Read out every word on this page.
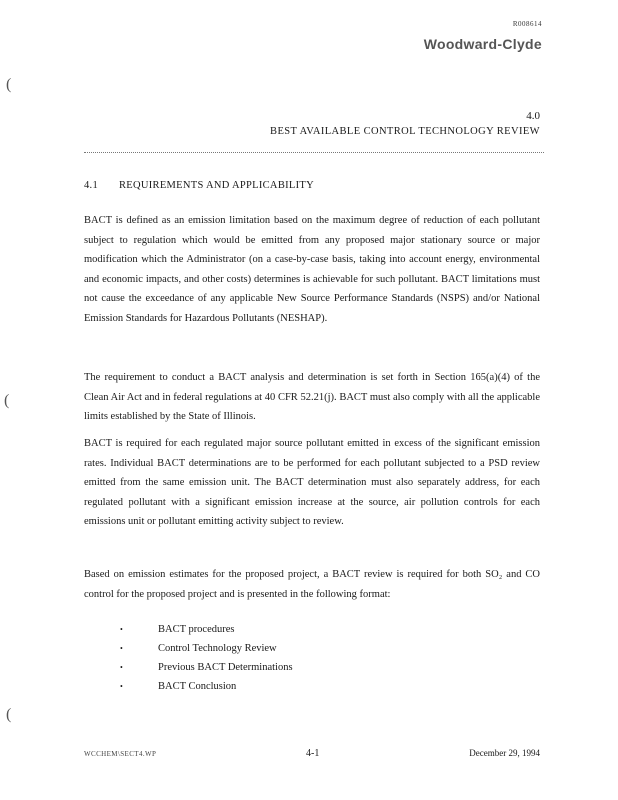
R008614
Woodward-Clyde
(
(
(
4.0
BEST AVAILABLE CONTROL TECHNOLOGY REVIEW
4.1 REQUIREMENTS AND APPLICABILITY

BACT is defined as an emission limitation based on the maximum degree of reduction of each pollutant subject to regulation which would be emitted from any proposed major stationary source or major modification which the Administrator (on a case-by-case basis, taking into account energy, environmental and economic impacts, and other costs) determines is achievable for such pollutant. BACT limitations must not cause the exceedance of any applicable New Source Performance Standards (NSPS) and/or National Emission Standards for Hazardous Pollutants (NESHAP).

The requirement to conduct a BACT analysis and determination is set forth in Section 165(a)(4) of the Clean Air Act and in federal regulations at 40 CFR 52.21(j). BACT must also comply with all the applicable limits established by the State of Illinois.

BACT is required for each regulated major source pollutant emitted in excess of the significant emission rates. Individual BACT determinations are to be performed for each pollutant subjected to a PSD review emitted from the same emission unit. The BACT determination must also separately address, for each regulated pollutant with a significant emission increase at the source, air pollution controls for each emissions unit or pollutant emitting activity subject to review.

Based on emission estimates for the proposed project, a BACT review is required for both SO₂ and CO control for the proposed project and is presented in the following format:

•	BACT procedures
•	Control Technology Review
•	Previous BACT Determinations
•	BACT Conclusion
WCCHEM\SECT4.WP	4-1	December 29, 1994
